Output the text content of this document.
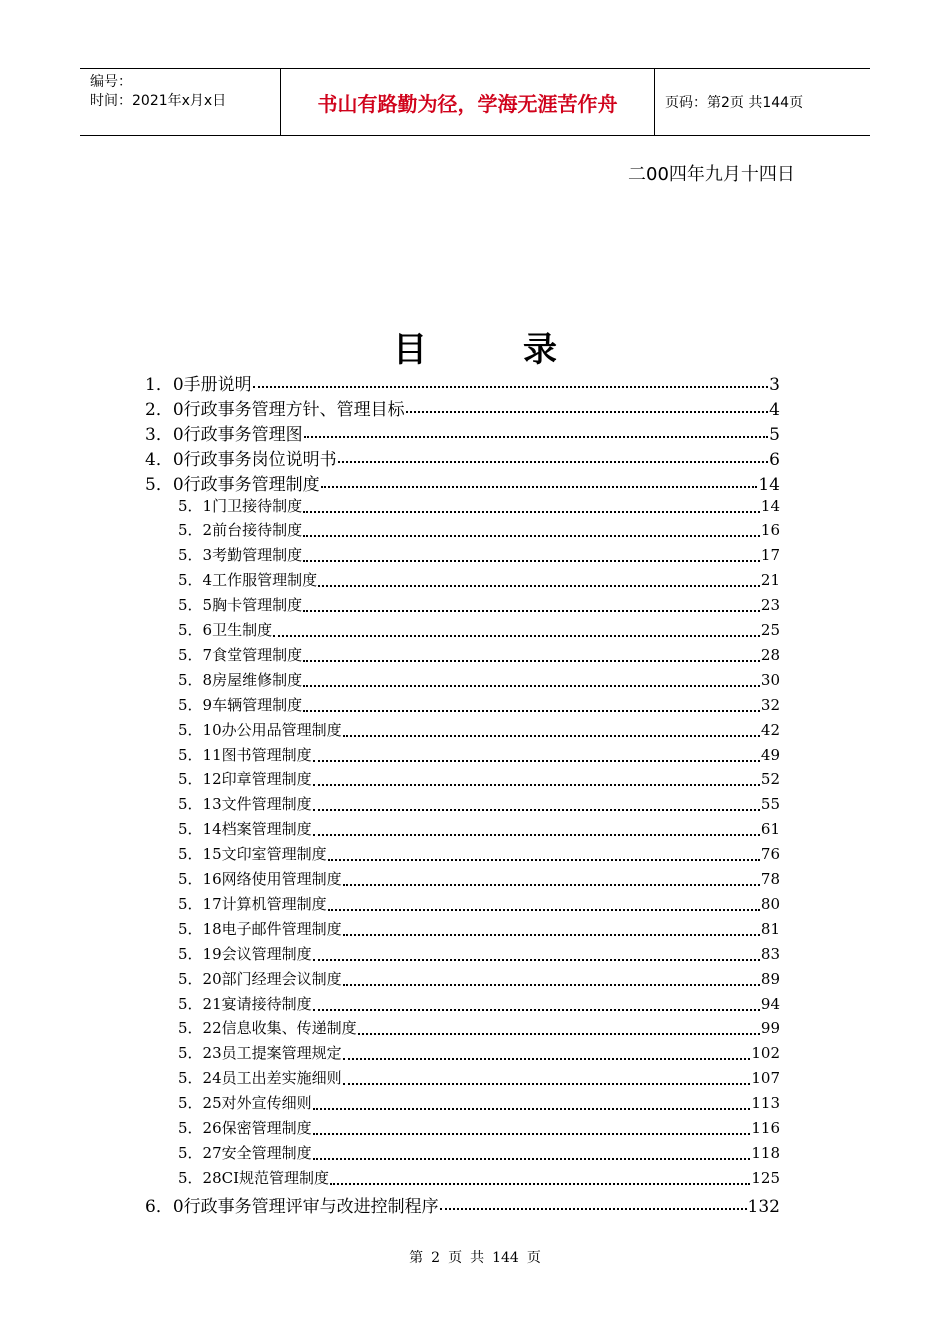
编号：
时间：2021年x月x日	书山有路勤为径，学海无涯苦作舟	页码：第2页 共144页
二00四年九月十四日
目录
1．0 手册说明	3
2．0 行政事务管理方针、管理目标	4
3．0 行政事务管理图	5
4．0 行政事务岗位说明书	6
5．0 行政事务管理制度	14
5．1 门卫接待制度	14
5．2 前台接待制度	16
5．3 考勤管理制度	17
5．4 工作服管理制度	21
5．5 胸卡管理制度	23
5．6 卫生制度	25
5．7 食堂管理制度	28
5．8 房屋维修制度	30
5．9 车辆管理制度	32
5．10 办公用品管理制度	42
5．11 图书管理制度	49
5．12 印章管理制度	52
5．13 文件管理制度	55
5．14 档案管理制度	61
5．15 文印室管理制度	76
5．16 网络使用管理制度	78
5．17 计算机管理制度	80
5．18 电子邮件管理制度	81
5．19 会议管理制度	83
5．20 部门经理会议制度	89
5．21 宴请接待制度	94
5．22 信息收集、传递制度	99
5．23 员工提案管理规定	102
5．24 员工出差实施细则	107
5．25 对外宣传细则	113
5．26 保密管理制度	116
5．27 安全管理制度	118
5．28 CI规范管理制度	125
6．0 行政事务管理评审与改进控制程序	132
第 2 页 共 144 页
